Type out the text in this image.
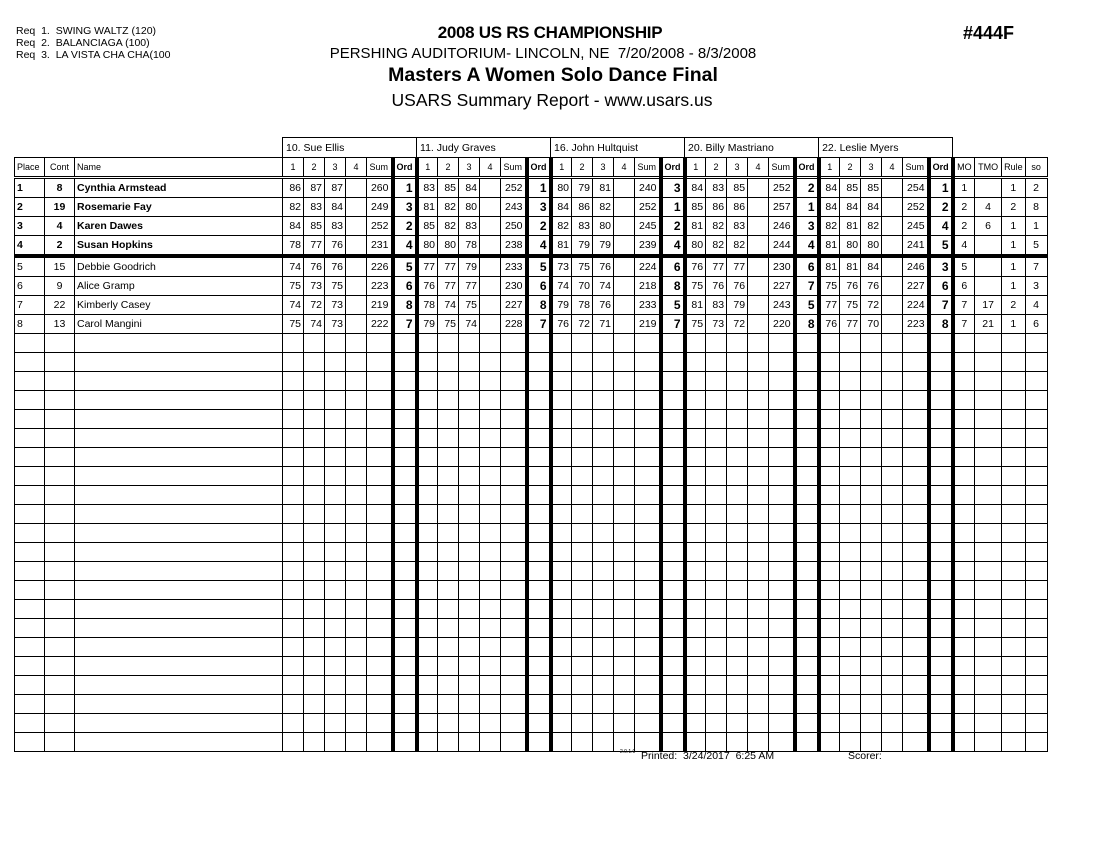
Req  1.  SWING WALTZ (120)
Req  2.  BALANCIAGA (100)
Req  3.  LA VISTA CHA CHA(100
2008 US RS CHAMPIONSHIP
PERSHING AUDITORIUM- LINCOLN, NE  7/20/2008 - 8/3/2008
Masters A Women Solo Dance Final
USARS Summary Report - www.usars.us
#444F
			10. Sue Ellis						11. Judy Graves						16. John Hultquist						20. Billy Mastriano						22. Leslie Myers									
Place	Cont	Name	1	2	3	4	Sum	Ord	1	2	3	4	Sum	Ord	1	2	3	4	Sum	Ord	1	2	3	4	Sum	Ord	1	2	3	4	Sum	Ord	MO	TMO	Rule	so
1	8	Cynthia Armstead	86	87	87		260	1	83	85	84		252	1	80	79	81		240	3	84	83	85		252	2	84	85	85		254	1	1		1	2
2	19	Rosemarie Fay	82	83	84		249	3	81	82	80		243	3	84	86	82		252	1	85	86	86		257	1	84	84	84		252	2	2	4	2	8
3	4	Karen Dawes	84	85	83		252	2	85	82	83		250	2	82	83	80		245	2	81	82	83		246	3	82	81	82		245	4	2	6	1	1
4	2	Susan Hopkins	78	77	76		231	4	80	80	78		238	4	81	79	79		239	4	80	82	82		244	4	81	80	80		241	5	4		1	5
5	15	Debbie Goodrich	74	76	76		226	5	77	77	79		233	5	73	75	76		224	6	76	77	77		230	6	81	81	84		246	3	5		1	7
6	9	Alice Gramp	75	73	75		223	6	76	77	77		230	6	74	70	74		218	8	75	76	76		227	7	75	76	76		227	6	6		1	3
7	22	Kimberly Casey	74	72	73		219	8	78	74	75		227	8	79	78	76		233	5	81	83	79		243	5	77	75	72		224	7	7	17	2	4
8	13	Carol Mangini	75	74	73		222	7	79	75	74		228	7	76	72	71		219	7	75	73	72		220	8	76	77	70		223	8	7	21	1	6

2.0.1.0 Printed:  3/24/2017  6:25 AM	Scorer:
